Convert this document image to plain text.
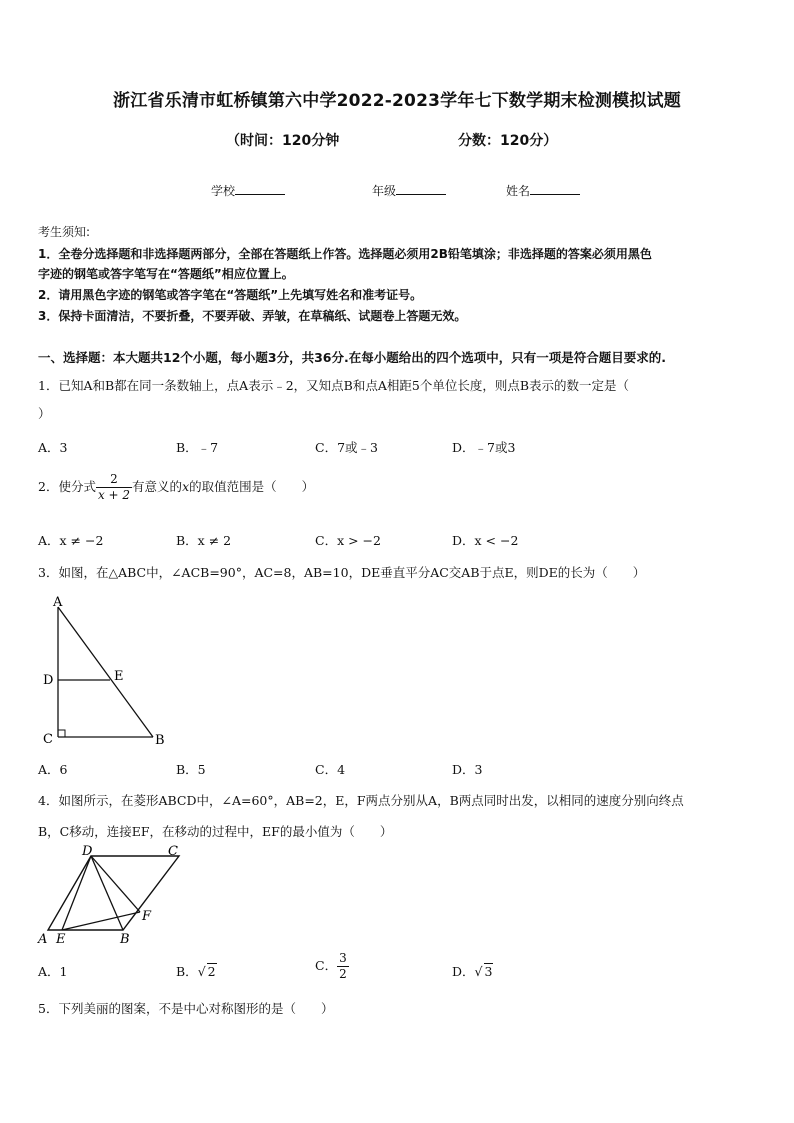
浙江省乐清市虹桥镇第六中学2022-2023学年七下数学期末检测模拟试题
（时间：120分钟	分数：120分）
学校	年级	姓名
考生须知:
1．全卷分选择题和非选择题两部分，全部在答题纸上作答。选择题必须用2B铅笔填涂；非选择题的答案必须用黑色
字迹的钢笔或答字笔写在“答题纸”相应位置上。
2．请用黑色字迹的钢笔或答字笔在“答题纸”上先填写姓名和准考证号。
3．保持卡面清洁，不要折叠，不要弄破、弄皱，在草稿纸、试题卷上答题无效。
一、选择题：本大题共12个小题，每小题3分，共36分.在每小题给出的四个选项中，只有一项是符合题目要求的.
1．已知A和B都在同一条数轴上，点A表示﹣2，又知点B和点A相距5个单位长度，则点B表示的数一定是（
）
A．3	B．﹣7	C．7或﹣3	D．﹣7或3
2．使分式 $\frac{2}{x + 2}$ 有意义的x的取值范围是（　　）
A．x ≠ −2	B．x ≠ 2	C．x > −2	D．x < −2
3．如图，在△ABC中，∠ACB=90°，AC=8，AB=10，DE垂直平分AC交AB于点E，则DE的长为（　　）
A
D	E
C	B
A．6	B．5	C．4	D．3
4．如图所示，在菱形ABCD中，∠A=60°，AB=2，E，F两点分别从A，B两点同时出发，以相同的速度分别向终点
B，C移动，连接EF，在移动的过程中，EF的最小值为（　　）
D	C
A E	B
F
A．1	B．√ 2	C． $\frac{3}{2}$	D．√ 3
5．下列美丽的图案，不是中心对称图形的是（　　）
